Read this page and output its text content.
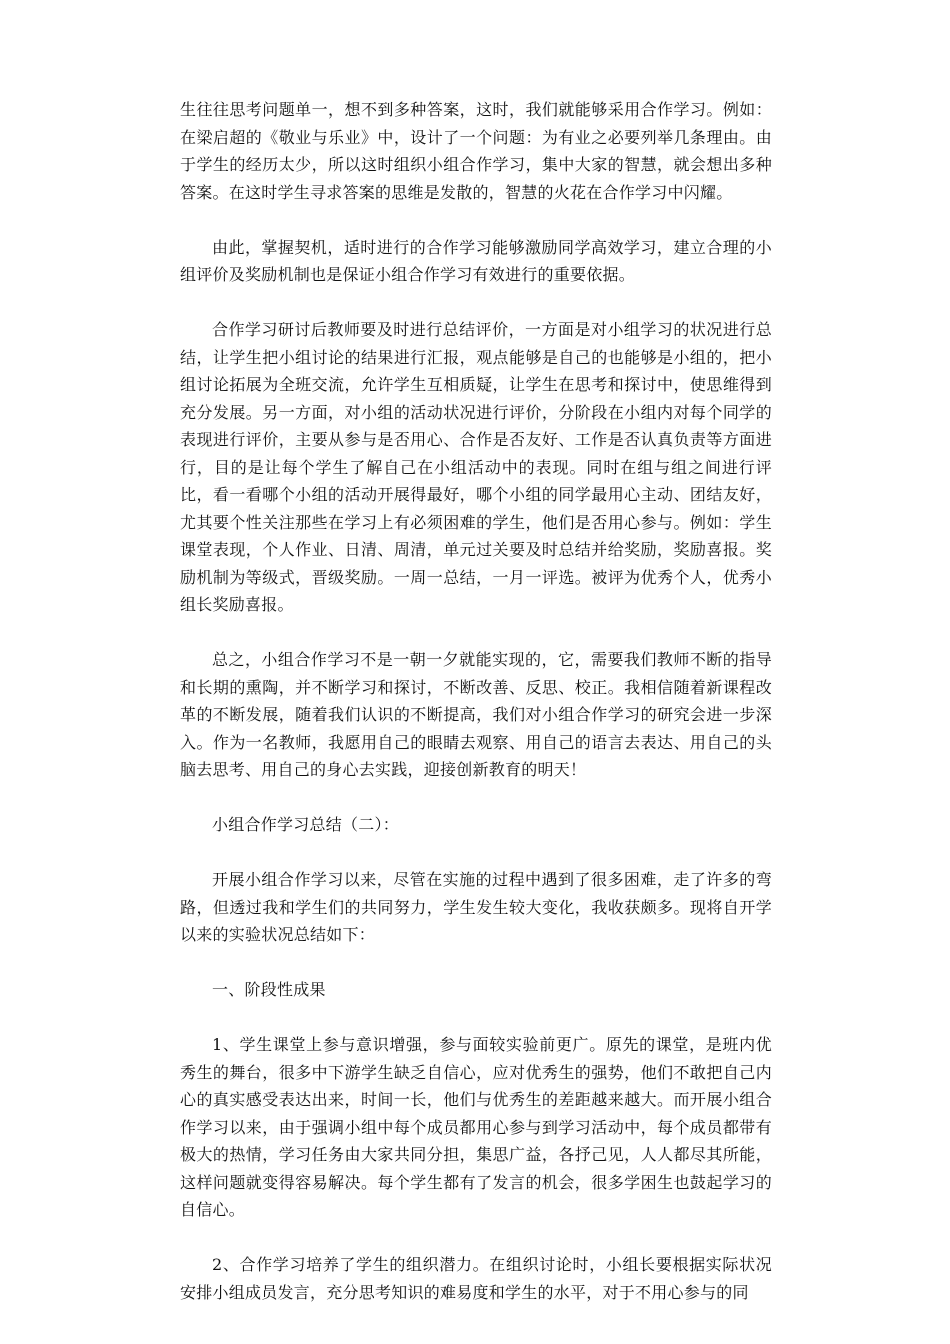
生往往思考问题单一，想不到多种答案，这时，我们就能够采用合作学习。例如：在梁启超的《敬业与乐业》中，设计了一个问题：为有业之必要列举几条理由。由于学生的经历太少，所以这时组织小组合作学习，集中大家的智慧，就会想出多种答案。在这时学生寻求答案的思维是发散的，智慧的火花在合作学习中闪耀。

由此，掌握契机，适时进行的合作学习能够激励同学高效学习，建立合理的小组评价及奖励机制也是保证小组合作学习有效进行的重要依据。

合作学习研讨后教师要及时进行总结评价，一方面是对小组学习的状况进行总结，让学生把小组讨论的结果进行汇报，观点能够是自己的也能够是小组的，把小组讨论拓展为全班交流，允许学生互相质疑，让学生在思考和探讨中，使思维得到充分发展。另一方面，对小组的活动状况进行评价，分阶段在小组内对每个同学的表现进行评价，主要从参与是否用心、合作是否友好、工作是否认真负责等方面进行，目的是让每个学生了解自己在小组活动中的表现。同时在组与组之间进行评比，看一看哪个小组的活动开展得最好，哪个小组的同学最用心主动、团结友好，尤其要个性关注那些在学习上有必须困难的学生，他们是否用心参与。例如：学生课堂表现，个人作业、日清、周清，单元过关要及时总结并给奖励，奖励喜报。奖励机制为等级式，晋级奖励。一周一总结，一月一评选。被评为优秀个人，优秀小组长奖励喜报。

总之，小组合作学习不是一朝一夕就能实现的，它，需要我们教师不断的指导和长期的熏陶，并不断学习和探讨，不断改善、反思、校正。我相信随着新课程改革的不断发展，随着我们认识的不断提高，我们对小组合作学习的研究会进一步深入。作为一名教师，我愿用自己的眼睛去观察、用自己的语言去表达、用自己的头脑去思考、用自己的身心去实践，迎接创新教育的明天！

小组合作学习总结（二）：

开展小组合作学习以来，尽管在实施的过程中遇到了很多困难，走了许多的弯路，但透过我和学生们的共同努力，学生发生较大变化，我收获颇多。现将自开学以来的实验状况总结如下：

一、阶段性成果

1、学生课堂上参与意识增强，参与面较实验前更广。原先的课堂，是班内优秀生的舞台，很多中下游学生缺乏自信心，应对优秀生的强势，他们不敢把自己内心的真实感受表达出来，时间一长，他们与优秀生的差距越来越大。而开展小组合作学习以来，由于强调小组中每个成员都用心参与到学习活动中，每个成员都带有极大的热情，学习任务由大家共同分担，集思广益，各抒己见，人人都尽其所能，这样问题就变得容易解决。每个学生都有了发言的机会，很多学困生也鼓起学习的自信心。

2、合作学习培养了学生的组织潜力。在组织讨论时，小组长要根据实际状况安排小组成员发言，充分思考知识的难易度和学生的水平，对于不用心参与的同
